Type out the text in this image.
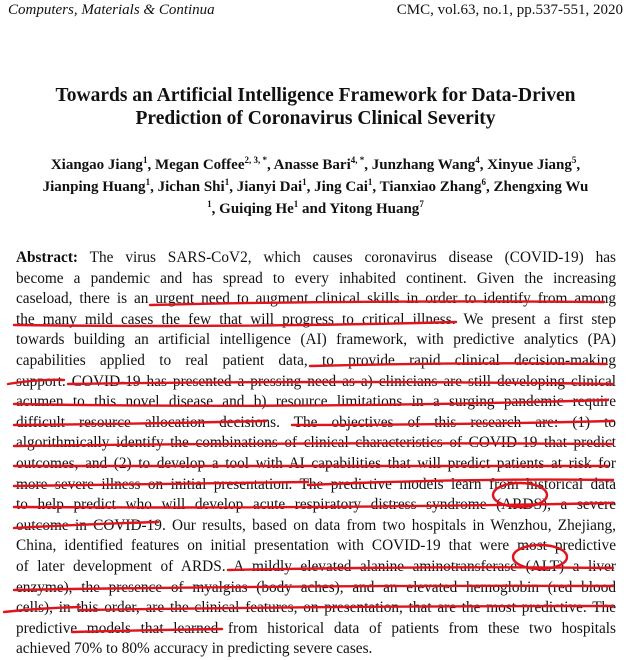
Computers, Materials & Continua	CMC, vol.63, no.1, pp.537-551, 2020
Towards an Artificial Intelligence Framework for Data-Driven
Prediction of Coronavirus Clinical Severity
Xiangao Jiang$^1$, Megan Coffee$^{2, 3, *}$, Anasse Bari$^{4, *}$, Junzhang Wang$^4$, Xinyue Jiang$^5$,
Jianping Huang$^1$, Jichan Shi$^1$, Jianyi Dai$^1$, Jing Cai$^1$, Tianxiao Zhang$^6$, Zhengxing Wu
$^1$, Guiqing He$^1$ and Yitong Huang$^7$
Abstract: The virus SARS-CoV2, which causes coronavirus disease (COVID-19) has
become a pandemic and has spread to every inhabited continent. Given the increasing
caseload, there is an urgent need to augment clinical skills in order to identify from among
the many mild cases the few that will progress to critical illness. We present a first step
towards building an artificial intelligence (AI) framework, with predictive analytics (PA)
capabilities applied to real patient data, to provide rapid clinical decision-making
support. COVID-19 has presented a pressing need as a) clinicians are still developing clinical
acumen to this novel disease and b) resource limitations in a surging pandemic require
difficult resource allocation decisions. The objectives of this research are: (1) to
algorithmically identify the combinations of clinical characteristics of COVID-19 that predict
outcomes, and (2) to develop a tool with AI capabilities that will predict patients at risk for
more severe illness on initial presentation. The predictive models learn from historical data
to help predict who will develop acute respiratory distress syndrome (ARDS), a severe
outcome in COVID-19. Our results, based on data from two hospitals in Wenzhou, Zhejiang,
China, identified features on initial presentation with COVID-19 that were most predictive
of later development of ARDS. A mildly elevated alanine aminotransferase (ALT) a liver
enzyme), the presence of myalgias (body aches), and an elevated hemoglobin (red blood
cells), in this order, are the clinical features, on presentation, that are the most predictive. The
predictive models that learned from historical data of patients from these two hospitals
achieved 70% to 80% accuracy in predicting severe cases.
